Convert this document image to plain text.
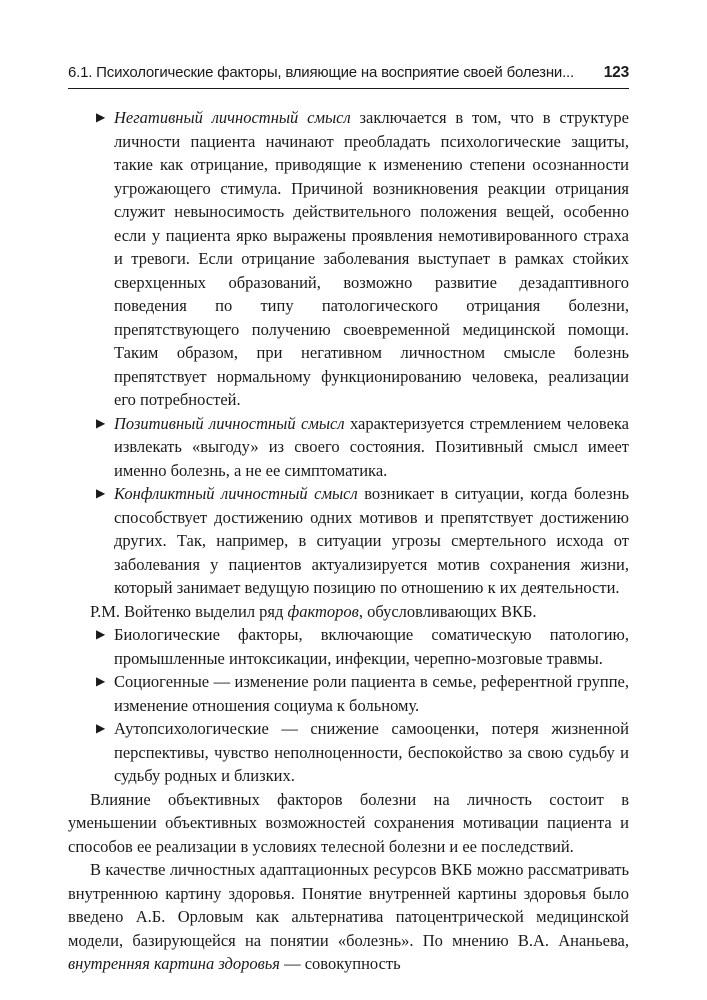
6.1. Психологические факторы, влияющие на восприятие своей болезни... 123

▶ Негативный личностный смысл заключается в том, что в структуре личности пациента начинают преобладать психологические защиты, такие как отрицание, приводящие к изменению степени осознанности угрожающего стимула. Причиной возникновения реакции отрицания служит невыносимость действительного положения вещей, особенно если у пациента ярко выражены проявления немотивированного страха и тревоги. Если отрицание заболевания выступает в рамках стойких сверхценных образований, возможно развитие дезадаптивного поведения по типу патологического отрицания болезни, препятствующего получению своевременной медицинской помощи. Таким образом, при негативном личностном смысле болезнь препятствует нормальному функционированию человека, реализации его потребностей.

▶ Позитивный личностный смысл характеризуется стремлением человека извлекать «выгоду» из своего состояния. Позитивный смысл имеет именно болезнь, а не ее симптоматика.

▶ Конфликтный личностный смысл возникает в ситуации, когда болезнь способствует достижению одних мотивов и препятствует достижению других. Так, например, в ситуации угрозы смертельного исхода от заболевания у пациентов актуализируется мотив сохранения жизни, который занимает ведущую позицию по отношению к их деятельности.

Р.М. Войтенко выделил ряд факторов, обусловливающих ВКБ.

▶ Биологические факторы, включающие соматическую патологию, промышленные интоксикации, инфекции, черепно-мозговые травмы.

▶ Социогенные — изменение роли пациента в семье, референтной группе, изменение отношения социума к больному.

▶ Аутопсихологические — снижение самооценки, потеря жизненной перспективы, чувство неполноценности, беспокойство за свою судьбу и судьбу родных и близких.

Влияние объективных факторов болезни на личность состоит в уменьшении объективных возможностей сохранения мотивации пациента и способов ее реализации в условиях телесной болезни и ее последствий.

В качестве личностных адаптационных ресурсов ВКБ можно рассматривать внутреннюю картину здоровья. Понятие внутренней картины здоровья было введено А.Б. Орловым как альтернатива патоцентрической медицинской модели, базирующейся на понятии «болезнь». По мнению В.А. Ананьева, внутренняя картина здоровья — совокупность
